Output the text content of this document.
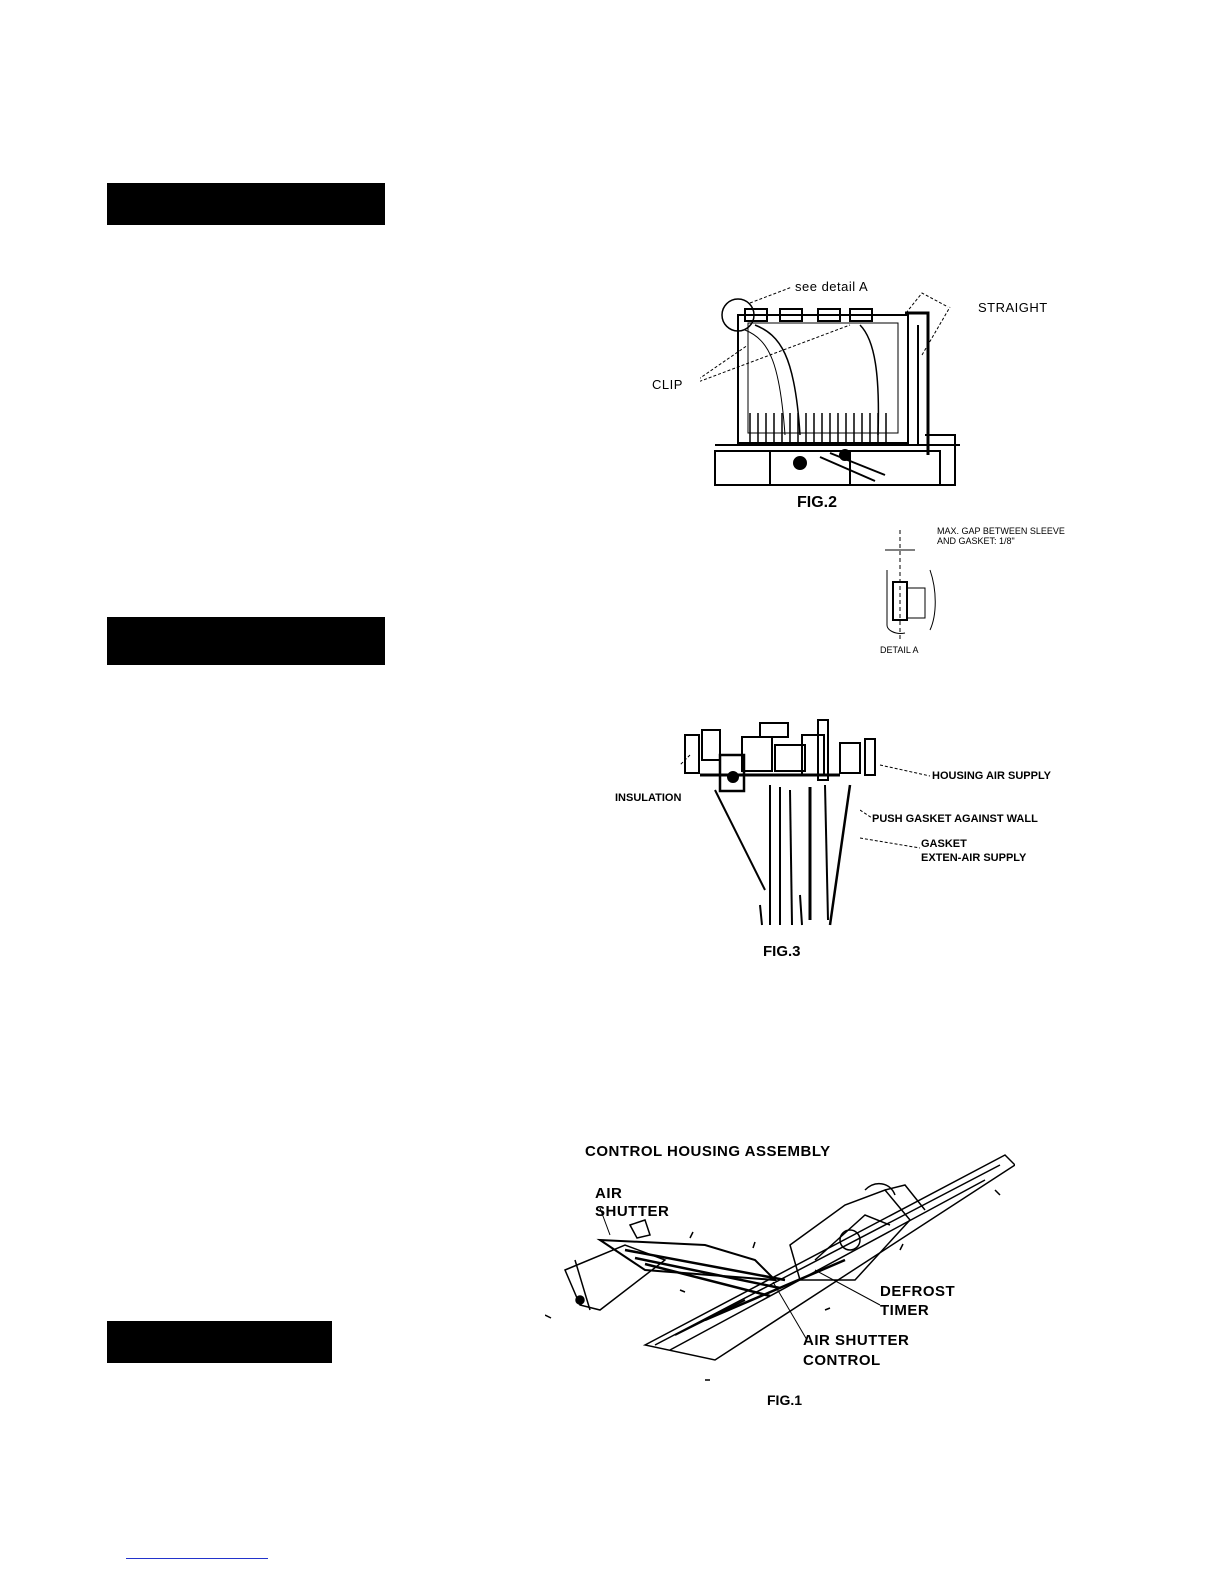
see detail A
STRAIGHT
CLIP
FIG.2
MAX. GAP BETWEEN SLEEVE
AND GASKET: 1/8"
DETAIL A
INSULATION
HOUSING AIR SUPPLY
PUSH GASKET AGAINST WALL
GASKET
EXTEN-AIR SUPPLY
FIG.3
CONTROL HOUSING ASSEMBLY
AIR
SHUTTER
DEFROST
TIMER
AIR SHUTTER
CONTROL
FIG.1
